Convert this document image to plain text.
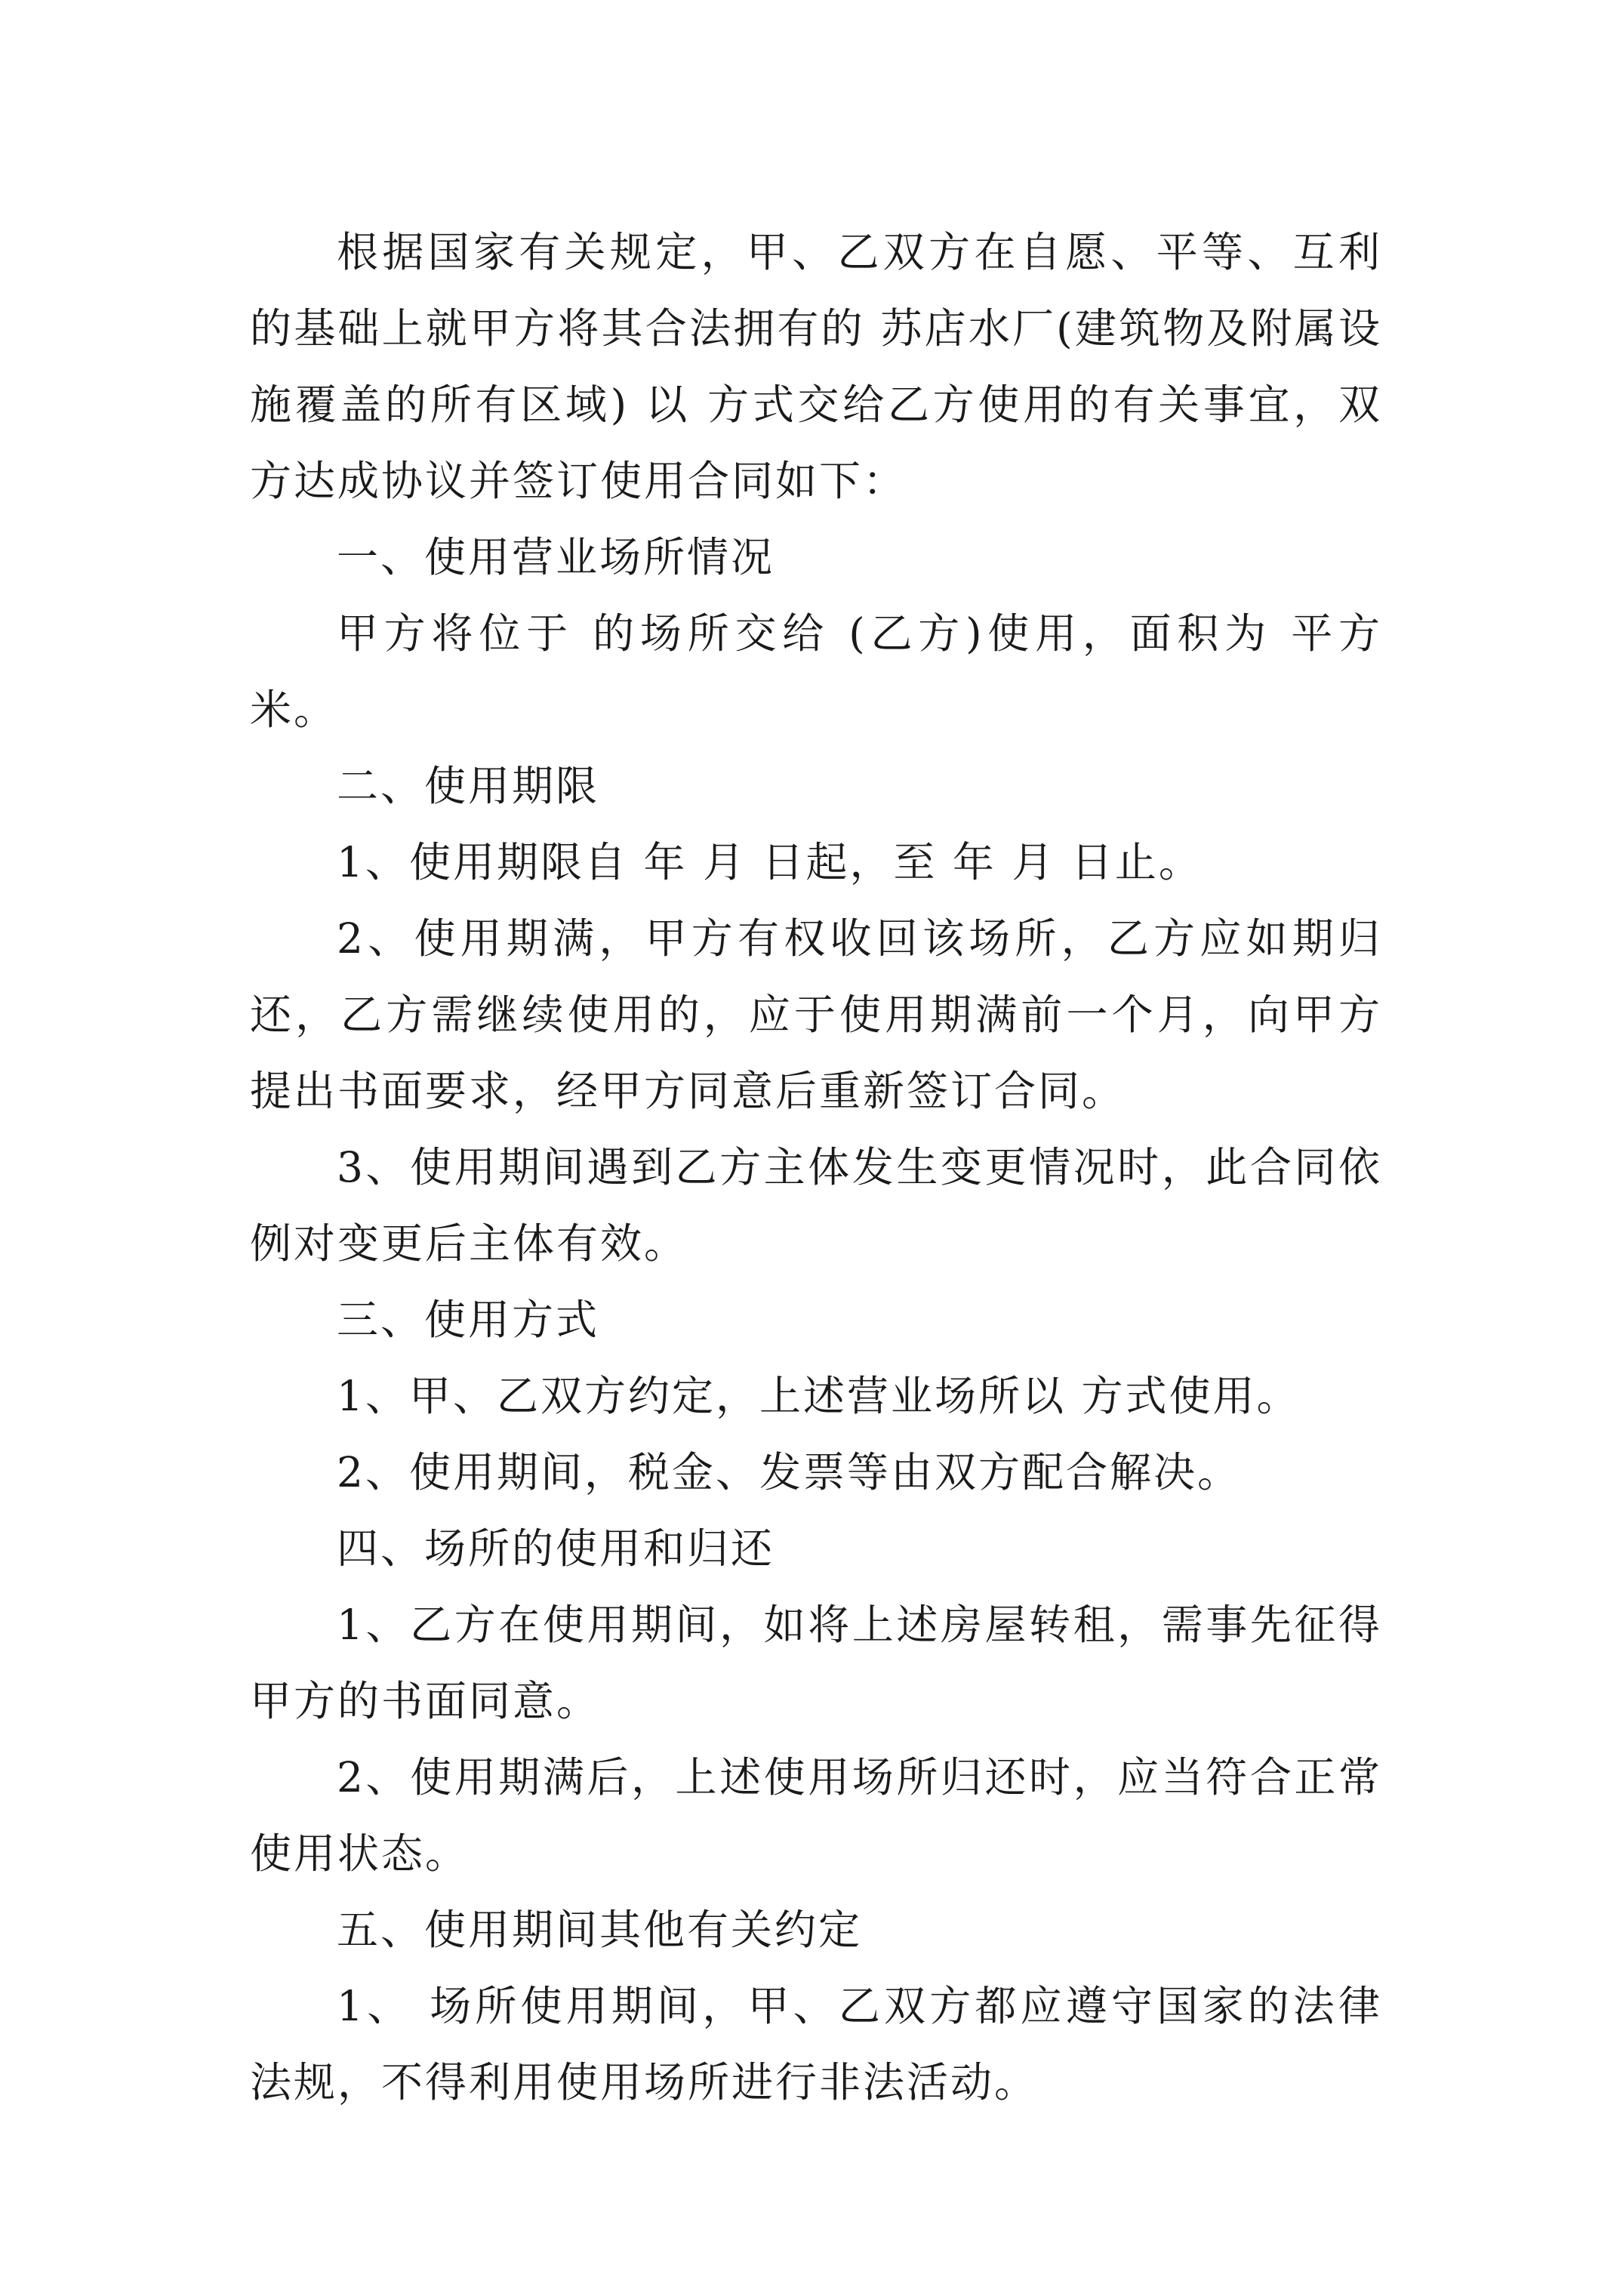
根据国家有关规定，甲、乙双方在自愿、平等、互利的基础上就甲方将其合法拥有的 苏店水厂(建筑物及附属设施覆盖的所有区域) 以 方式交给乙方使用的有关事宜，双方达成协议并签订使用合同如下：

一、使用营业场所情况

甲方将位于 的场所交给 (乙方)使用，面积为 平方米。

二、使用期限

1、使用期限自 年 月 日起，至 年 月 日止。

2、使用期满，甲方有权收回该场所，乙方应如期归还，乙方需继续使用的，应于使用期满前一个月，向甲方提出书面要求，经甲方同意后重新签订合同。

3、使用期间遇到乙方主体发生变更情况时，此合同依例对变更后主体有效。

三、使用方式

1、甲、乙双方约定，上述营业场所以 方式使用。

2、使用期间，税金、发票等由双方配合解决。

四、场所的使用和归还

1、乙方在使用期间，如将上述房屋转租，需事先征得甲方的书面同意。

2、使用期满后，上述使用场所归还时，应当符合正常使用状态。

五、使用期间其他有关约定

1、 场所使用期间，甲、乙双方都应遵守国家的法律法规，不得利用使用场所进行非法活动。
